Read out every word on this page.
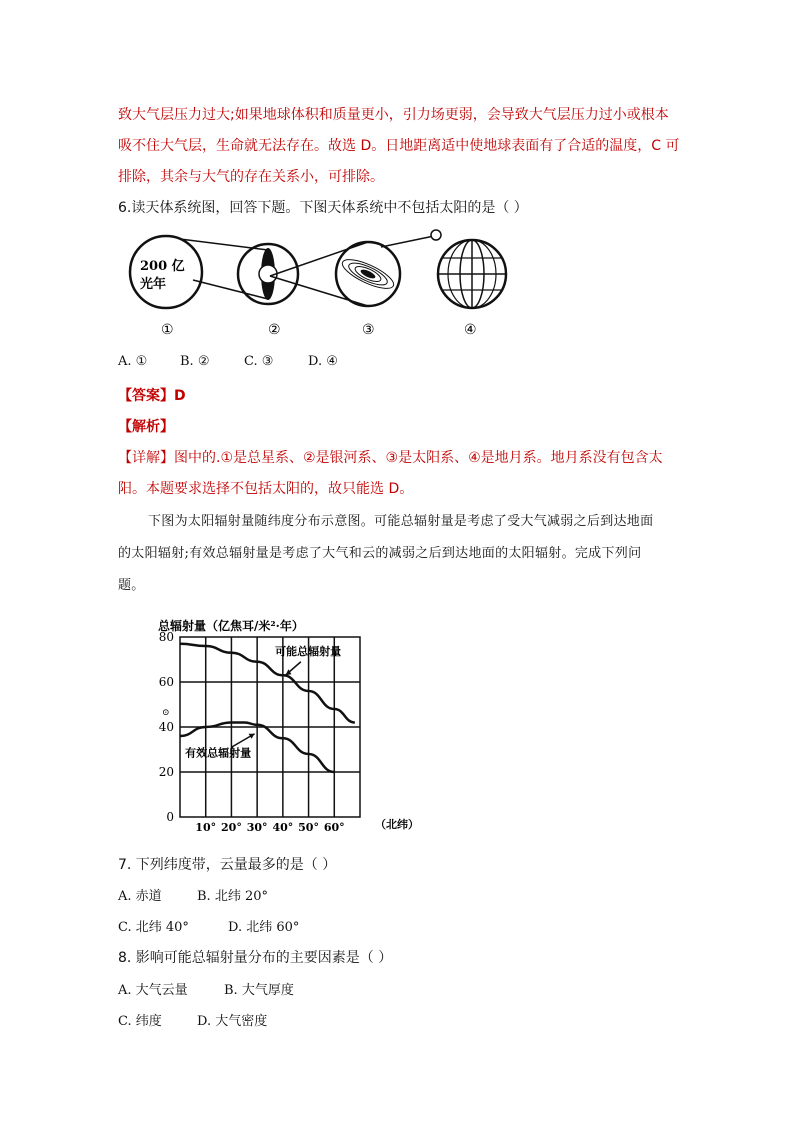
致大气层压力过大;如果地球体积和质量更小，引力场更弱，会导致大气层压力过小或根本
吸不住大气层，生命就无法存在。故选 D。日地距离适中使地球表面有了合适的温度，C 可
排除，其余与大气的存在关系小，可排除。
6.读天体系统图，回答下题。下图天体系统中不包括太阳的是（ ）
200 亿
光年
①	②	③	④
A. ①	B. ②	C. ③	D. ④
【答案】D
【解析】
【详解】图中的.①是总星系、②是银河系、③是太阳系、④是地月系。地月系没有包含太
阳。本题要求选择不包括太阳的，故只能选 D。
下图为太阳辐射量随纬度分布示意图。可能总辐射量是考虑了受大气减弱之后到达地面
的太阳辐射;有效总辐射量是考虑了大气和云的减弱之后到达地面的太阳辐射。完成下列问
题。
总辐射量（亿焦耳/米²·年）
80
60
40
20
0
10° 20° 30° 40° 50° 60°
可能总辐射量
有效总辐射量
⊙
（北纬）
7. 下列纬度带，云量最多的是（ ）
A. 赤道	B. 北纬 20°
C. 北纬 40°	D. 北纬 60°
8. 影响可能总辐射量分布的主要因素是（ ）
A. 大气云量	B. 大气厚度
C. 纬度	D. 大气密度
